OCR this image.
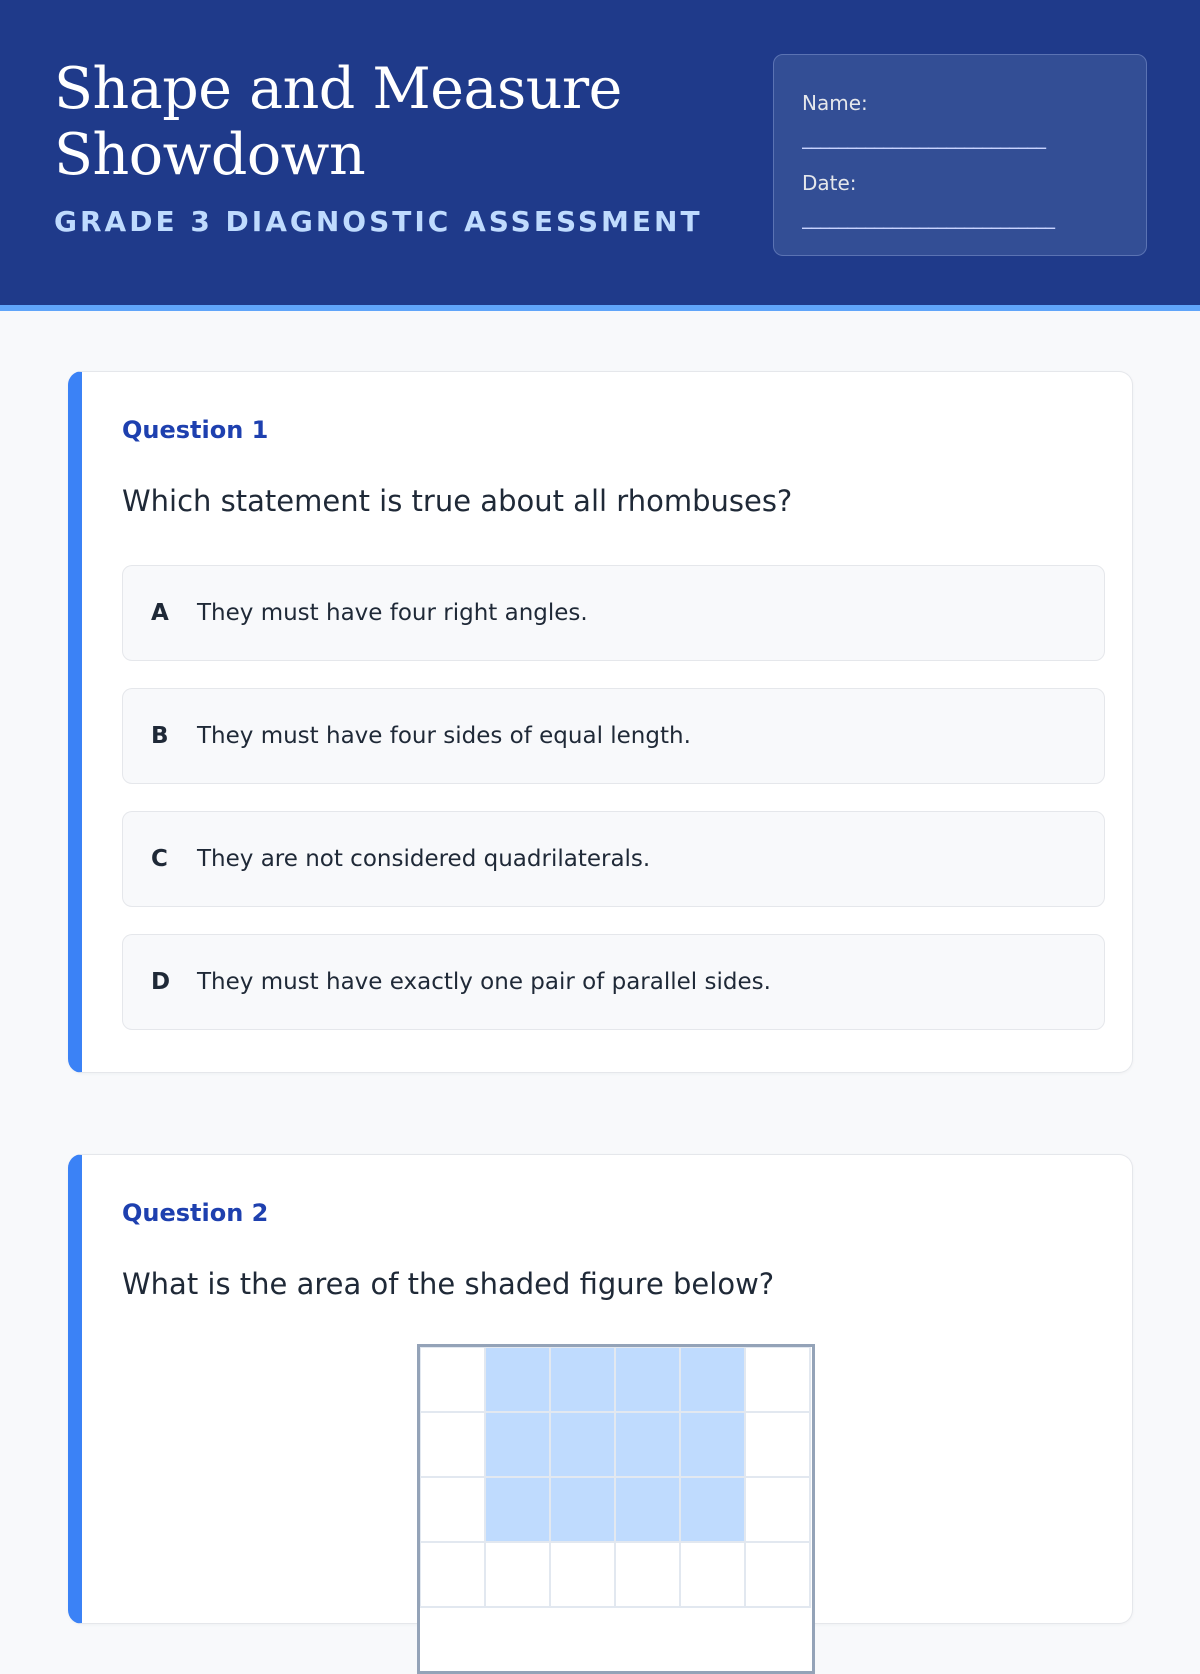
Shape and Measure Showdown
GRADE 3 DIAGNOSTIC ASSESSMENT
Name:
___________________________
Date:
____________________________
Question 1
Which statement is true about all rhombuses?
A	They must have four right angles.
B	They must have four sides of equal length.
C	They are not considered quadrilaterals.
D	They must have exactly one pair of parallel sides.
Question 2
What is the area of the shaded figure below?
